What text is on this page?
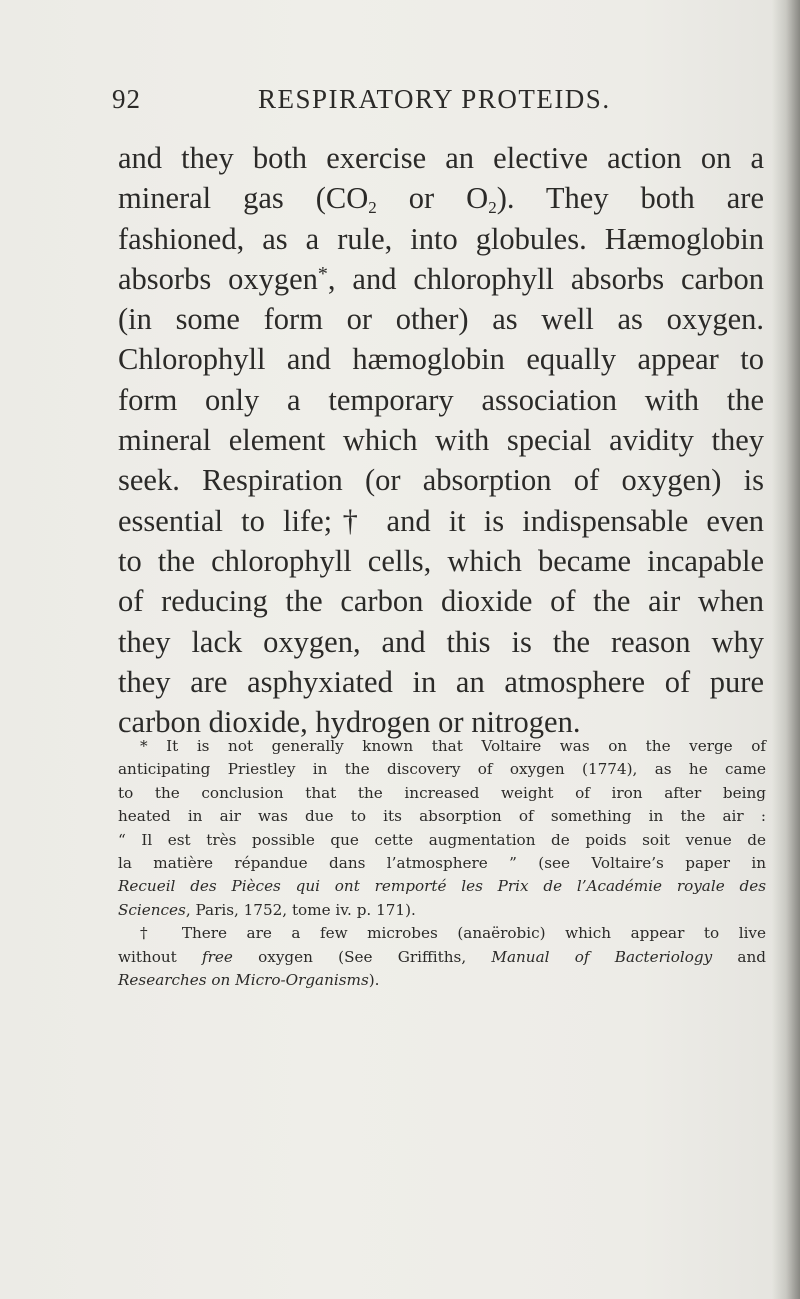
92	RESPIRATORY PROTEIDS.
and they both exercise an elective action on a
mineral gas ($CO_2$ or $O_2$). They both are
fashioned, as a rule, into globules. Hæmoglobin
absorbs oxygen*, and chlorophyll absorbs carbon
(in some form or other) as well as oxygen.
Chlorophyll and hæmoglobin equally appear to
form only a temporary association with the
mineral element which with special avidity they
seek. Respiration (or absorption of oxygen) is
essential to life;† and it is indispensable even
to the chlorophyll cells, which became incapable
of reducing the carbon dioxide of the air when
they lack oxygen, and this is the reason why
they are asphyxiated in an atmosphere of pure
carbon dioxide, hydrogen or nitrogen.
* It is not generally known that Voltaire was on the verge of
anticipating Priestley in the discovery of oxygen (1774), as he came
to the conclusion that the increased weight of iron after being
heated in air was due to its absorption of something in the air :
“ Il est très possible que cette augmentation de poids soit venue de
la matière répandue dans l’atmosphere ” (see Voltaire’s paper in
Recueil des Pièces qui ont remporté les Prix de l’Académie royale des
Sciences, Paris, 1752, tome iv. p. 171).
† There are a few microbes (anaërobic) which appear to live
without free oxygen (See Griffiths, Manual of Bacteriology and
Researches on Micro-Organisms).
